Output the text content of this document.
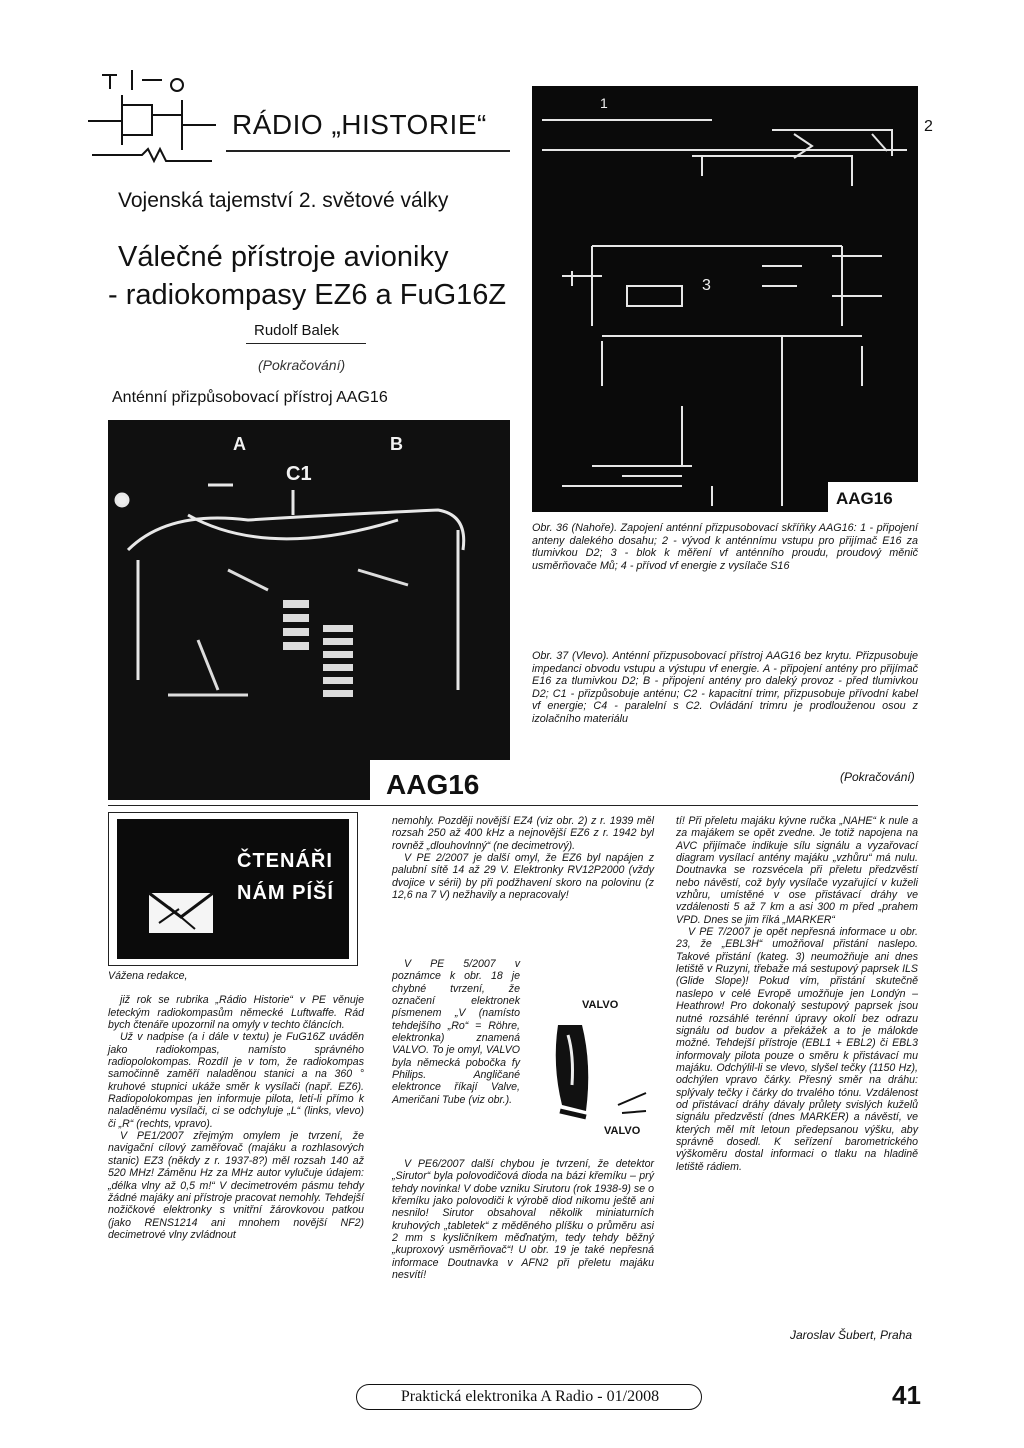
RÁDIO „HISTORIE“
Vojenská tajemství 2. světové války
Válečné přístroje avioniky
- radiokompasy EZ6 a FuG16Z
Rudolf Balek
(Pokračování)
Anténní přizpůsobovací přístroj AAG16
A	B
C1
AAG16
1
3
AAG16
2
Obr. 36 (Nahoře). Zapojení anténní přizpusobovací skříňky AAG16: 1 - připojení anteny dalekého dosahu; 2 - vývod k anténnímu vstupu pro přijímač E16 za tlumivkou D2; 3 - blok k měření vf anténního proudu, proudový měnič usměrňovače Mů; 4 - přívod vf energie z vysílače S16
Obr. 37 (Vlevo). Anténní přizpusobovací přístroj AAG16 bez krytu. Přizpusobuje impedanci obvodu vstupu a výstupu vf energie. A - připojení antény pro přijímač E16 za tlumivkou D2; B - připojení antény pro daleký provoz - před tlumivkou D2; C1 - přizpůsobuje anténu; C2 - kapacitní trimr, přizpusobuje přívodní kabel vf energie; C4 - paralelní s C2. Ovládání trimru je prodlouženou osou z izolačního materiálu
(Pokračování)
ČTENÁŘI
NÁM PÍŠÍ

Vážena redakce,

již rok se rubrika „Rádio Historie“ v PE věnuje leteckým radiokompasům německé Luftwaffe. Rád bych čtenáře upozornil na omyly v techto článcích.

Už v nadpise (a i dále v textu) je FuG16Z uváděn jako radiokompas, namísto správného radiopolokompas. Rozdíl je v tom, že radiokompas samočinně zaměří naladěnou stanici a na 360 ° kruhové stupnici ukáže směr k vysílači (např. EZ6). Radiopolokompas jen informuje pilota, letí-li přímo k naladěnému vysílači, ci se odchyluje „L“ (links, vlevo) či „R“ (rechts, vpravo).

V PE1/2007 zřejmým omylem je tvrzení, že navigační cílový zaměřovač (majáku a rozhlasových stanic) EZ3 (někdy z r. 1937-8?) měl rozsah 140 až 520 MHz! Záměnu Hz za MHz autor vylučuje údajem: „délka vlny až 0,5 m!“ V decimetrovém pásmu tehdy žádné majáky ani přístroje pracovat nemohly. Tehdejší nožičkové elektronky s vnitřní žárovkovou patkou (jako RENS1214 ani mnohem novější NF2) decimetrové vlny zvládnout

nemohly. Později novější EZ4 (viz obr. 2) z r. 1939 měl rozsah 250 až 400 kHz a nejnovější EZ6 z r. 1942 byl rovněž „dlouhovlnný“ (ne decimetrový).

V PE 2/2007 je další omyl, že EZ6 byl napájen z palubní sítě 14 až 29 V. Elektronky RV12P2000 (vždy dvojice v sérii) by při podžhavení skoro na polovinu (z 12,6 na 7 V) nežhavily a nepracovaly!

V PE 5/2007 v poznámce k obr. 18 je chybné tvrzení, že označení elektronek písmenem „V (namísto tehdejšího „Ro“ = Röhre, elektronka) znamená VALVO. To je omyl, VALVO byla německá pobočka fy Philips. Angličané elektronce říkají Valve, Američani Tube (viz obr.).

VALVO
VALVO

V PE6/2007 další chybou je tvrzení, že detektor „Sirutor“ byla polovodičová dioda na bázi křemíku – prý tehdy novinka! V dobe vzniku Sirutoru (rok 1938-9) se o křemíku jako polovodiči k výrobě diod nikomu ještě ani nesnilo! Sirutor obsahoval několik miniaturních kruhových „tabletek“ z měděného plíšku o průměru asi 2 mm s kysličníkem měďnatým, tedy tehdy běžný „kuproxový usměrňovač“! U obr. 19 je také nepřesná informace Doutnavka v AFN2 při přeletu majáku nesvítí!

tí! Při přeletu majáku kývne ručka „NAHE“ k nule a za majákem se opět zvedne. Je totiž napojena na AVC přijímače indikuje sílu signálu a vyzařovací diagram vysílací antény majáku „vzhůru“ má nulu. Doutnavka se rozsvécela při přeletu předzvěstí nebo návěstí, což byly vysílače vyzařující v kuželi vzhůru, umístěné v ose přistávací dráhy ve vzdálenosti 5 až 7 km a asi 300 m před „prahem VPD. Dnes se jim říká „MARKER“

V PE 7/2007 je opět nepřesná informace u obr. 23, že „EBL3H“ umožňoval přistání naslepo. Takové přistání (kateg. 3) neumožňuje ani dnes letiště v Ruzyni, třebaže má sestupový paprsek ILS (Glide Slope)! Pokud vím, přistání skutečně naslepo v celé Evropě umožňuje jen Londýn – Heathrow! Pro dokonalý sestupový paprsek jsou nutné rozsáhlé terénní úpravy okolí bez odrazu signálu od budov a překážek a to je málokde možné. Tehdejší přístroje (EBL1 + EBL2) či EBL3 informovaly pilota pouze o směru k přistávací mu majáku. Odchýlil-li se vlevo, slyšel tečky (1150 Hz), odchýlen vpravo čárky. Přesný směr na dráhu: splývaly tečky i čárky do trvalého tónu. Vzdálenost od přistávací dráhy dávaly průlety svislých kuželů signálu předzvěstí (dnes MARKER) a návěstí, ve kterých měl mít letoun předepsanou výšku, aby správně dosedl. K seřízení barometrického výškoměru dostal informaci o tlaku na hladině letiště rádiem.

Jaroslav Šubert, Praha
Praktická elektronika A Radio - 01/2008	41
